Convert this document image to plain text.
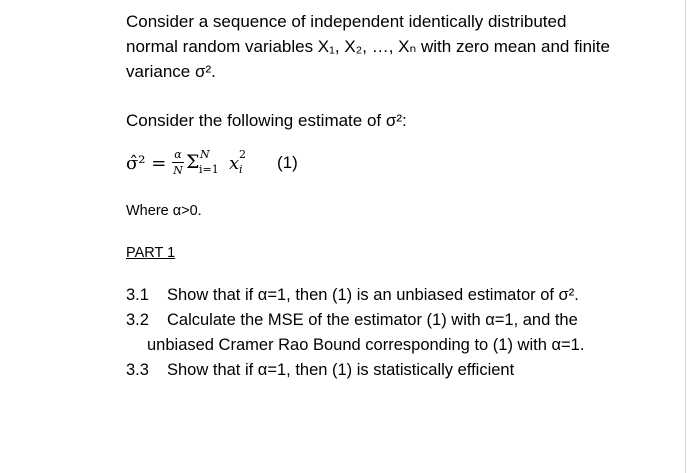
Consider a sequence of independent identically distributed
normal random variables X₁, X₂, …, Xₙ with zero mean and finite
variance σ².
Consider the following estimate of σ²:
σ̂² = α
N Σ N
i=1 x 2
i (1)
Where α>0.
PART 1
3.1	Show that if α=1, then (1) is an unbiased estimator of σ².
3.2	Calculate the MSE of the estimator (1) with α=1, and the
unbiased Cramer Rao Bound corresponding to (1) with α=1.
3.3	Show that if α=1, then (1) is statistically efficient
